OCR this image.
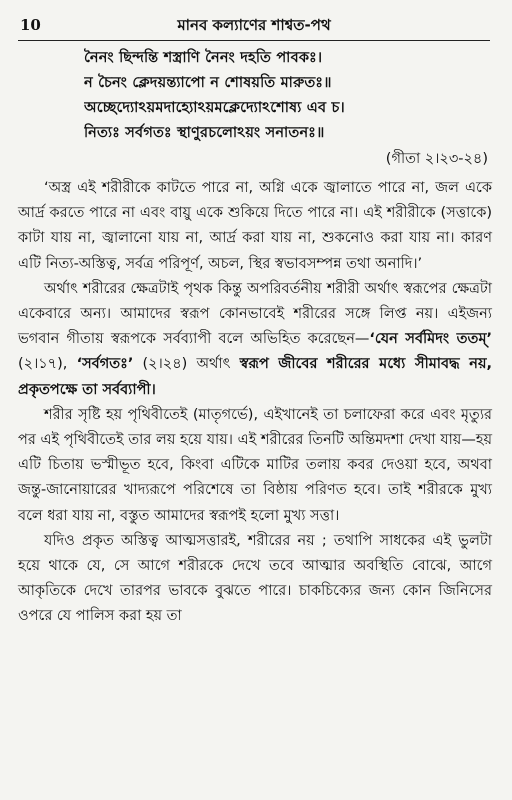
10	মানব কল্যাণের শাশ্বত-পথ
নৈনং ছিন্দন্তি শস্ত্রাণি নৈনং দহতি পাবকঃ।
ন চৈনং ক্লেদয়ন্ত্যাপো ন শোষয়তি মারুতঃ॥
অচ্ছেদ্যোঽয়মদাহ্যোঽয়মক্লেদ্যোঽশোষ্য এব চ।
নিত্যঃ সর্বগতঃ স্থাণুরচলোঽয়ং সনাতনঃ॥
(গীতা ২।২৩-২৪)

‘অস্ত্র এই শরীরীকে কাটতে পারে না, অগ্নি একে জ্বালাতে পারে না, জল একে আর্দ্র করতে পারে না এবং বায়ু একে শুকিয়ে দিতে পারে না। এই শরীরীকে (সত্তাকে) কাটা যায় না, জ্বালানো যায় না, আর্দ্র করা যায় না, শুকনোও করা যায় না। কারণ এটি নিত্য-অস্তিত্ব, সর্বত্র পরিপূর্ণ, অচল, স্থির স্বভাবসম্পন্ন তথা অনাদি।’

অর্থাৎ শরীরের ক্ষেত্রটাই পৃথক কিন্তু অপরিবর্তনীয় শরীরী অর্থাৎ স্বরূপের ক্ষেত্রটা একেবারে অন্য। আমাদের স্বরূপ কোনভাবেই শরীরের সঙ্গে লিপ্ত নয়। এইজন্য ভগবান গীতায় স্বরূপকে সর্বব্যাপী বলে অভিহিত করেছেন—‘যেন সর্বমিদং ততম্’ (২।১৭), ‘সর্বগতঃ’ (২।২৪) অর্থাৎ স্বরূপ জীবের শরীরের মধ্যে সীমাবদ্ধ নয়, প্রকৃতপক্ষে তা সর্বব্যাপী।

শরীর সৃষ্টি হয় পৃথিবীতেই (মাতৃগর্ভে), এইখানেই তা চলাফেরা করে এবং মৃত্যুর পর এই পৃথিবীতেই তার লয় হয়ে যায়। এই শরীরের তিনটি অন্তিমদশা দেখা যায়—হয় এটি চিতায় ভস্মীভূত হবে, কিংবা এটিকে মাটির তলায় কবর দেওয়া হবে, অথবা জন্তু-জানোয়ারের খাদ্যরূপে পরিশেষে তা বিষ্ঠায় পরিণত হবে। তাই শরীরকে মুখ্য বলে ধরা যায় না, বস্তুত আমাদের স্বরূপই হলো মুখ্য সত্তা।

যদিও প্রকৃত অস্তিত্ব আত্মসত্তারই, শরীরের নয় ; তথাপি সাধকের এই ভুলটা হয়ে থাকে যে, সে আগে শরীরকে দেখে তবে আত্মার অবস্থিতি বোঝে, আগে আকৃতিকে দেখে তারপর ভাবকে বুঝতে পারে। চাকচিক্যের জন্য কোন জিনিসের ওপরে যে পালিস করা হয় তা
